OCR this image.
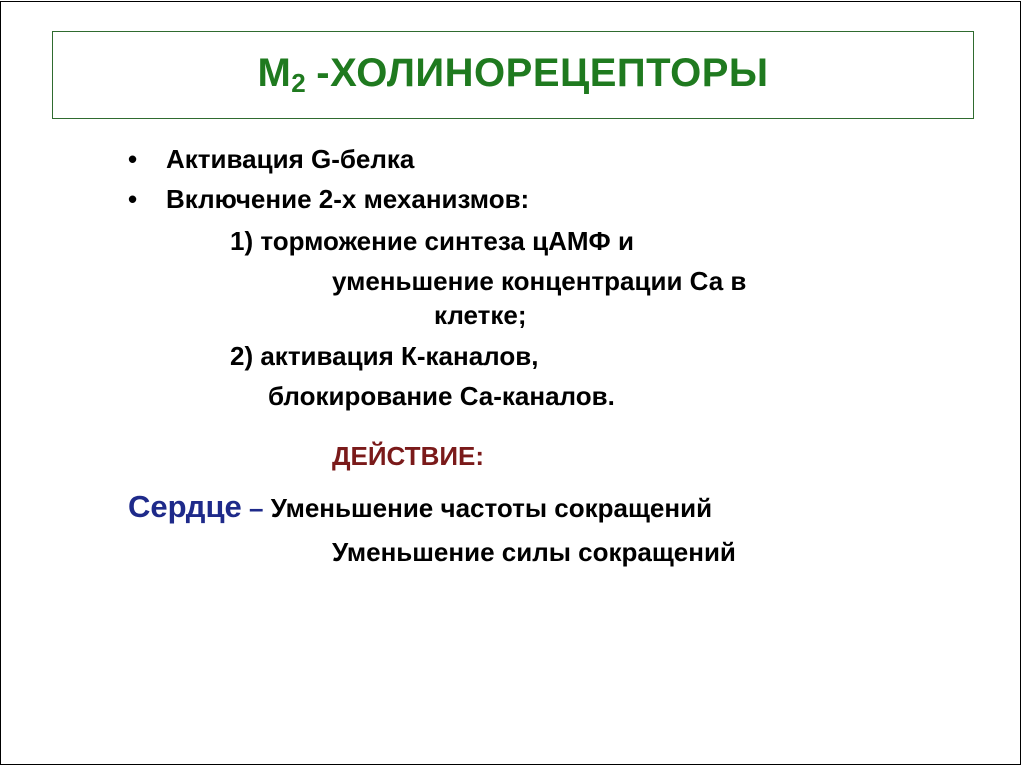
$M_2$ -ХОЛИНОРЕЦЕПТОРЫ
• Активация G-белка
• Включение 2-х механизмов:
1) торможение синтеза цАМФ и
уменьшение концентрации Са в
клетке;
2) активация К-каналов,
блокирование Са-каналов.
ДЕЙСТВИЕ:
Сердце – Уменьшение частоты сокращений
Уменьшение силы сокращений
